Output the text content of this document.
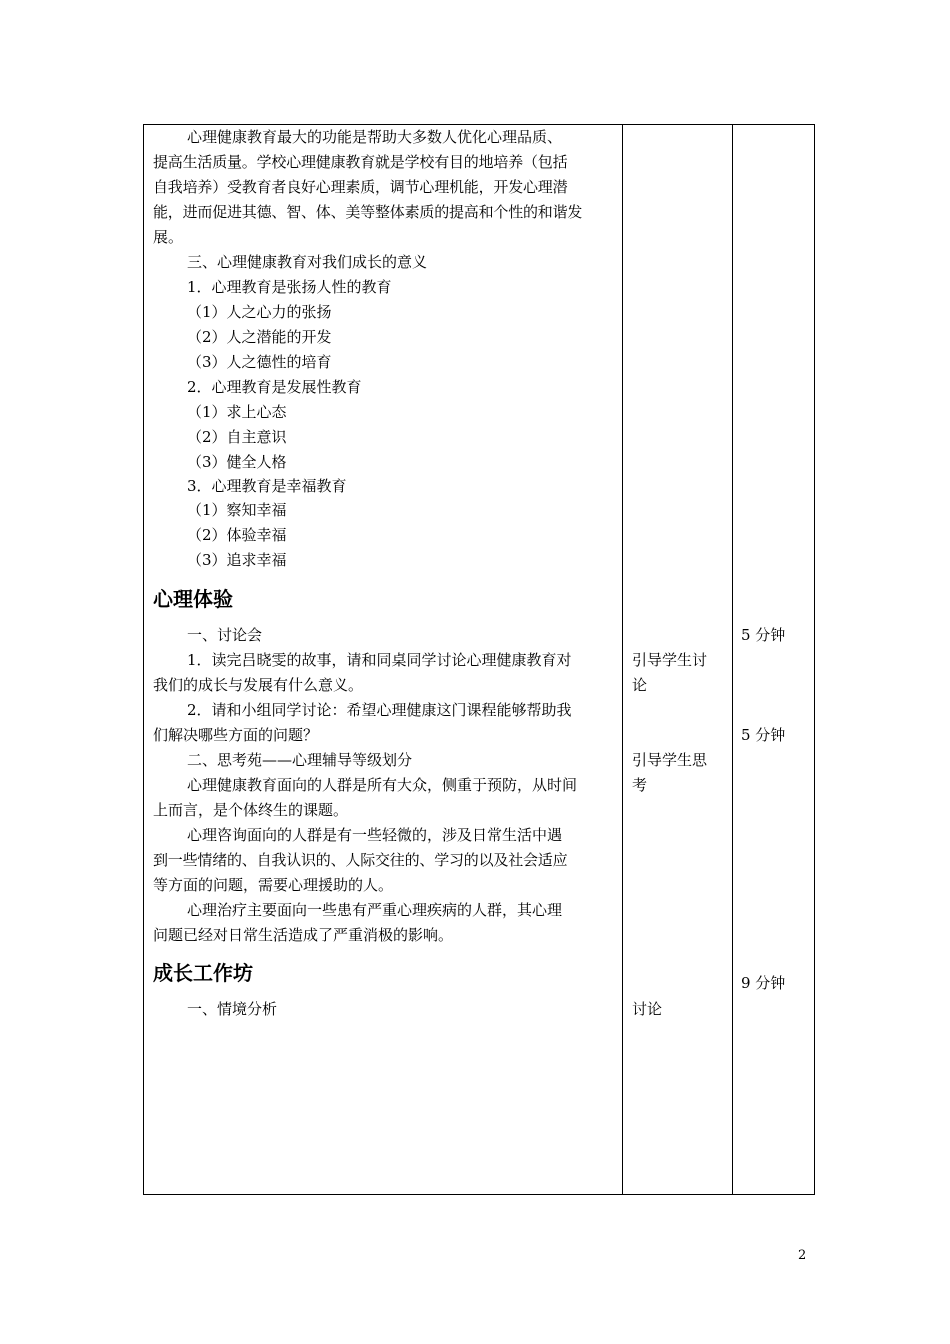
心理健康教育最大的功能是帮助大多数人优化心理品质、
提高生活质量。学校心理健康教育就是学校有目的地培养（包括
自我培养）受教育者良好心理素质，调节心理机能，开发心理潜
能，进而促进其德、智、体、美等整体素质的提高和个性的和谐发
展。
三、心理健康教育对我们成长的意义
1．心理教育是张扬人性的教育
（1）人之心力的张扬
（2）人之潜能的开发
（3）人之德性的培育
2．心理教育是发展性教育
（1）求上心态
（2）自主意识
（3）健全人格
3．心理教育是幸福教育
（1）察知幸福
（2）体验幸福
（3）追求幸福
心理体验
一、讨论会
1．读完吕晓雯的故事，请和同桌同学讨论心理健康教育对
我们的成长与发展有什么意义。
2．请和小组同学讨论：希望心理健康这门课程能够帮助我
们解决哪些方面的问题？
二、思考苑——心理辅导等级划分
心理健康教育面向的人群是所有大众，侧重于预防，从时间
上而言，是个体终生的课题。
心理咨询面向的人群是有一些轻微的，涉及日常生活中遇
到一些情绪的、自我认识的、人际交往的、学习的以及社会适应
等方面的问题，需要心理援助的人。
心理治疗主要面向一些患有严重心理疾病的人群，其心理
问题已经对日常生活造成了严重消极的影响。
成长工作坊
一、情境分析
引导学生讨
论
引导学生思
考
讨论
5 分钟
5 分钟
9 分钟
2
